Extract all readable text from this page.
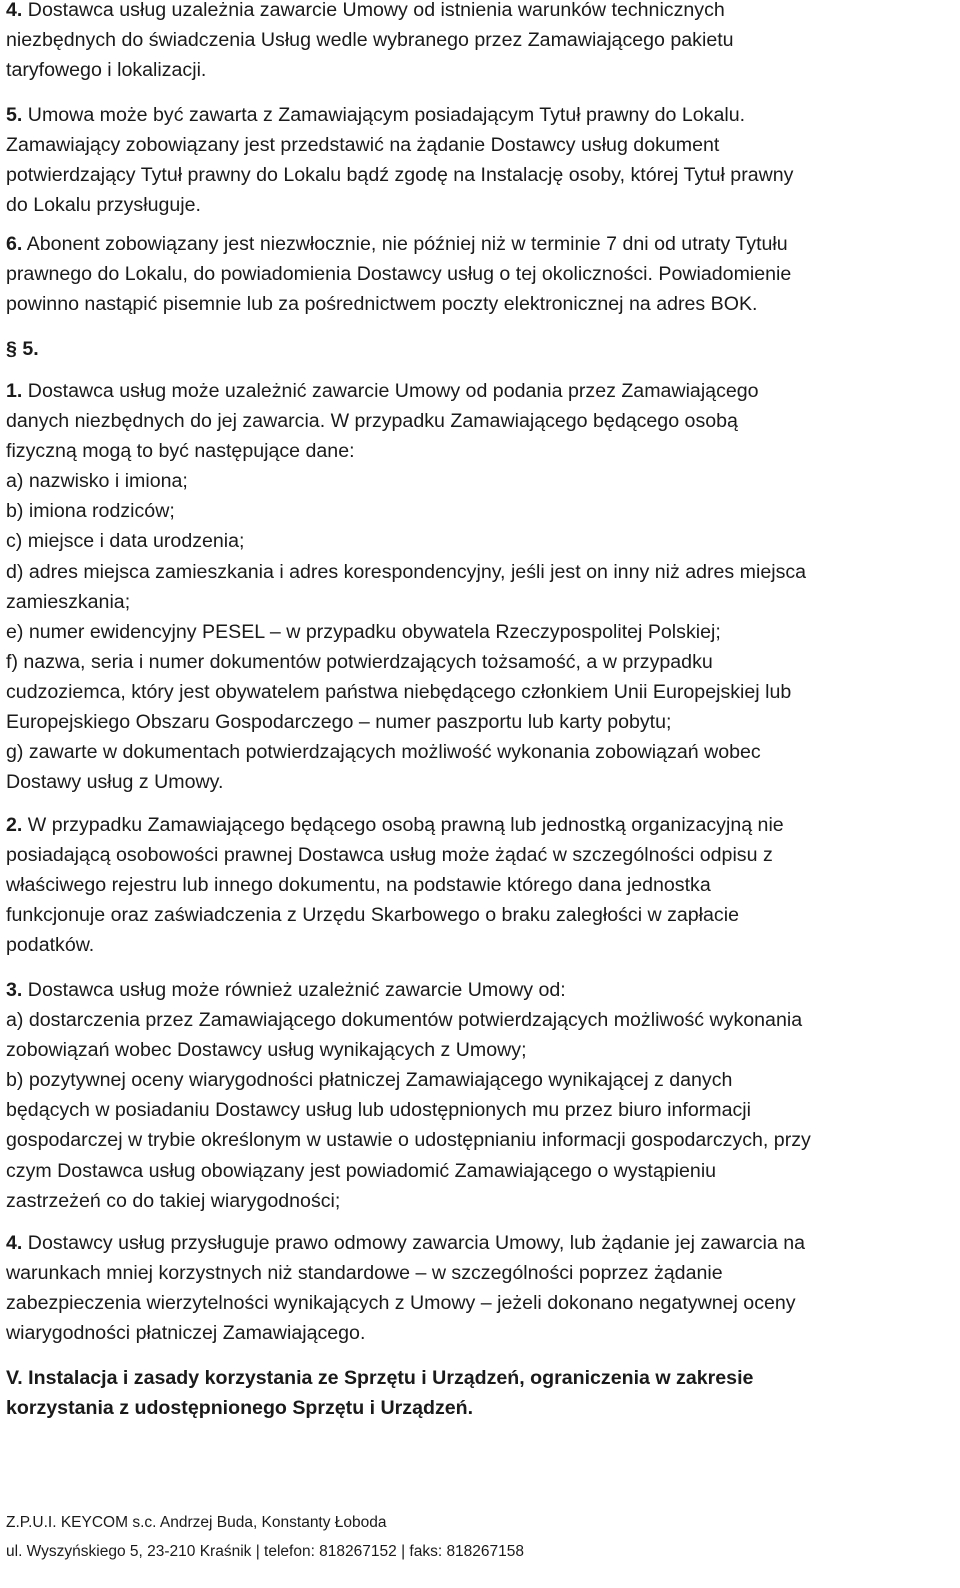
4. Dostawca usług uzależnia zawarcie Umowy od istnienia warunków technicznych
niezbędnych do świadczenia Usług wedle wybranego przez Zamawiającego pakietu
taryfowego i lokalizacji.

5. Umowa może być zawarta z Zamawiającym posiadającym Tytuł prawny do Lokalu.
Zamawiający zobowiązany jest przedstawić na żądanie Dostawcy usług dokument
potwierdzający Tytuł prawny do Lokalu bądź zgodę na Instalację osoby, której Tytuł prawny
do Lokalu przysługuje.

6. Abonent zobowiązany jest niezwłocznie, nie później niż w terminie 7 dni od utraty Tytułu
prawnego do Lokalu, do powiadomienia Dostawcy usług o tej okoliczności. Powiadomienie
powinno nastąpić pisemnie lub za pośrednictwem poczty elektronicznej na adres BOK.

§ 5.

1. Dostawca usług może uzależnić zawarcie Umowy od podania przez Zamawiającego
danych niezbędnych do jej zawarcia. W przypadku Zamawiającego będącego osobą
fizyczną mogą to być następujące dane:
a) nazwisko i imiona;
b) imiona rodziców;
c) miejsce i data urodzenia;
d) adres miejsca zamieszkania i adres korespondencyjny, jeśli jest on inny niż adres miejsca
zamieszkania;
e) numer ewidencyjny PESEL – w przypadku obywatela Rzeczypospolitej Polskiej;
f) nazwa, seria i numer dokumentów potwierdzających tożsamość, a w przypadku
cudzoziemca, który jest obywatelem państwa niebędącego członkiem Unii Europejskiej lub
Europejskiego Obszaru Gospodarczego – numer paszportu lub karty pobytu;
g) zawarte w dokumentach potwierdzających możliwość wykonania zobowiązań wobec
Dostawy usług z Umowy.

2. W przypadku Zamawiającego będącego osobą prawną lub jednostką organizacyjną nie
posiadającą osobowości prawnej Dostawca usług może żądać w szczególności odpisu z
właściwego rejestru lub innego dokumentu, na podstawie którego dana jednostka
funkcjonuje oraz zaświadczenia z Urzędu Skarbowego o braku zaległości w zapłacie
podatków.

3. Dostawca usług może również uzależnić zawarcie Umowy od:
a) dostarczenia przez Zamawiającego dokumentów potwierdzających możliwość wykonania
zobowiązań wobec Dostawcy usług wynikających z Umowy;
b) pozytywnej oceny wiarygodności płatniczej Zamawiającego wynikającej z danych
będących w posiadaniu Dostawcy usług lub udostępnionych mu przez biuro informacji
gospodarczej w trybie określonym w ustawie o udostępnianiu informacji gospodarczych, przy
czym Dostawca usług obowiązany jest powiadomić Zamawiającego o wystąpieniu
zastrzeżeń co do takiej wiarygodności;

4. Dostawcy usług przysługuje prawo odmowy zawarcia Umowy, lub żądanie jej zawarcia na
warunkach mniej korzystnych niż standardowe – w szczególności poprzez żądanie
zabezpieczenia wierzytelności wynikających z Umowy – jeżeli dokonano negatywnej oceny
wiarygodności płatniczej Zamawiającego.

V. Instalacja i zasady korzystania ze Sprzętu i Urządzeń, ograniczenia w zakresie
korzystania z udostępnionego Sprzętu i Urządzeń.

Z.P.U.I. KEYCOM s.c. Andrzej Buda, Konstanty Łoboda
ul. Wyszyńskiego 5, 23-210 Kraśnik | telefon: 818267152 | faks: 818267158
